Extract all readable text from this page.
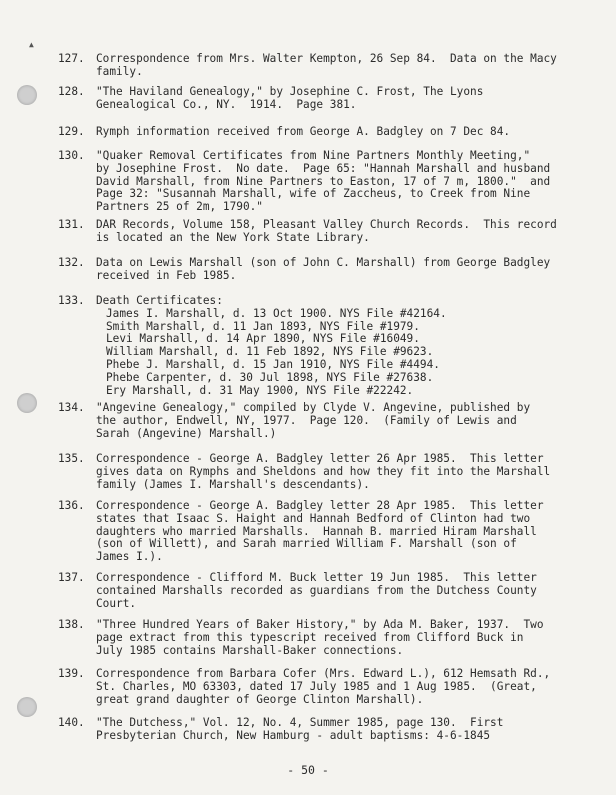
▲
127. Correspondence from Mrs. Walter Kempton, 26 Sep 84.  Data on the Macy
family.
128. "The Haviland Genealogy," by Josephine C. Frost, The Lyons
Genealogical Co., NY.  1914.  Page 381.
129. Rymph information received from George A. Badgley on 7 Dec 84.
130. "Quaker Removal Certificates from Nine Partners Monthly Meeting,"
by Josephine Frost.  No date.  Page 65: "Hannah Marshall and husband
David Marshall, from Nine Partners to Easton, 17 of 7 m, 1800."  and
Page 32: "Susannah Marshall, wife of Zaccheus, to Creek from Nine
Partners 25 of 2m, 1790."
131. DAR Records, Volume 158, Pleasant Valley Church Records.  This record
is located an the New York State Library.
132. Data on Lewis Marshall (son of John C. Marshall) from George Badgley
received in Feb 1985.
133. Death Certificates:
James I. Marshall, d. 13 Oct 1900. NYS File #42164.
Smith Marshall, d. 11 Jan 1893, NYS File #1979.
Levi Marshall, d. 14 Apr 1890, NYS File #16049.
William Marshall, d. 11 Feb 1892, NYS File #9623.
Phebe J. Marshall, d. 15 Jan 1910, NYS File #4494.
Phebe Carpenter, d. 30 Jul 1898, NYS File #27638.
Ery Marshall, d. 31 May 1900, NYS File #22242.
134. "Angevine Genealogy," compiled by Clyde V. Angevine, published by
the author, Endwell, NY, 1977.  Page 120.  (Family of Lewis and
Sarah (Angevine) Marshall.)
135. Correspondence - George A. Badgley letter 26 Apr 1985.  This letter
gives data on Rymphs and Sheldons and how they fit into the Marshall
family (James I. Marshall's descendants).
136. Correspondence - George A. Badgley letter 28 Apr 1985.  This letter
states that Isaac S. Haight and Hannah Bedford of Clinton had two
daughters who married Marshalls.  Hannah B. married Hiram Marshall
(son of Willett), and Sarah married William F. Marshall (son of
James I.).
137. Correspondence - Clifford M. Buck letter 19 Jun 1985.  This letter
contained Marshalls recorded as guardians from the Dutchess County
Court.
138. "Three Hundred Years of Baker History," by Ada M. Baker, 1937.  Two
page extract from this typescript received from Clifford Buck in
July 1985 contains Marshall-Baker connections.
139. Correspondence from Barbara Cofer (Mrs. Edward L.), 612 Hemsath Rd.,
St. Charles, MO 63303, dated 17 July 1985 and 1 Aug 1985.  (Great,
great grand daughter of George Clinton Marshall).
140. "The Dutchess," Vol. 12, No. 4, Summer 1985, page 130.  First
Presbyterian Church, New Hamburg - adult baptisms: 4-6-1845
- 50 -
